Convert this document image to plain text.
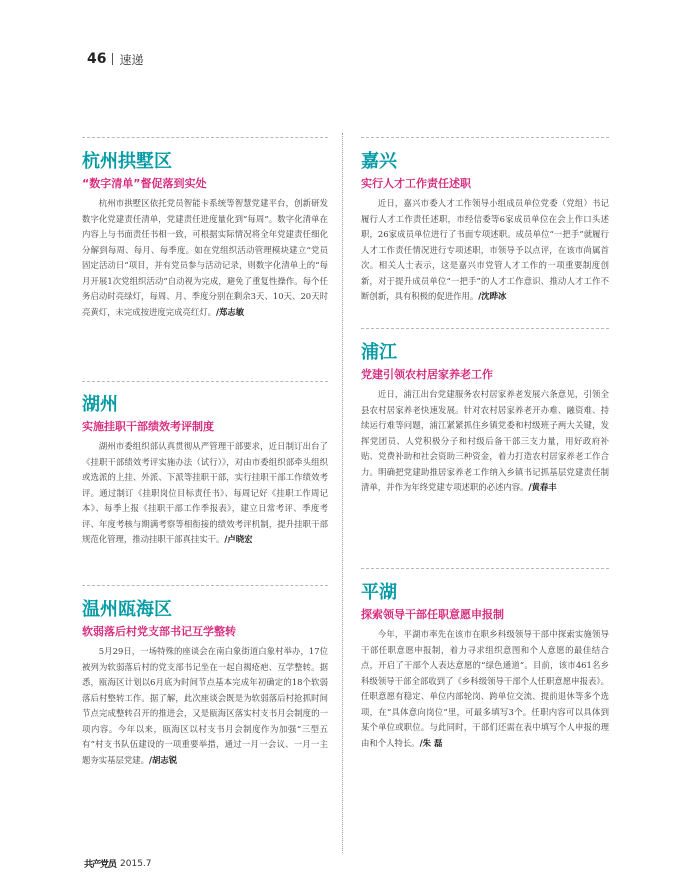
46 速递
杭州拱墅区
“数字清单”督促落到实处

杭州市拱墅区依托党员智能卡系统等智慧党建平台，创新研发数字化党建责任清单，党建责任进度量化到“每周”。数字化清单在内容上与书面责任书相一致，可根据实际情况将全年党建责任细化分解到每周、每月、每季度。如在党组织活动管理模块建立“党员固定活动日”项目，并有党员参与活动记录，则数字化清单上的“每月开展1次党组织活动”自动视为完成，避免了重复性操作。每个任务启动时亮绿灯，每周、月、季度分别在剩余3天、10天、20天时亮黄灯，未完成按进度完成亮红灯。/郑志敏

湖州
实施挂职干部绩效考评制度

湖州市委组织部认真贯彻从严管理干部要求，近日制订出台了《挂职干部绩效考评实施办法（试行）》，对由市委组织部牵头组织或选派的上挂、外派、下派等挂职干部，实行挂职干部工作绩效考评。通过制订《挂职岗位目标责任书》、每周记好《挂职工作周记本》、每季上报《挂职干部工作季报表》，建立日常考评、季度考评、年度考核与期满考察等相衔接的绩效考评机制，提升挂职干部规范化管理，推动挂职干部真挂实干。/卢晓宏

温州瓯海区
软弱落后村党支部书记互学整转

5月29日，一场特殊的座谈会在南白象街道白象村举办，17位被列为软弱落后村的党支部书记坐在一起自揭疮疤、互学整转。据悉，瓯海区计划以6月底为时间节点基本完成年初确定的18个软弱落后村整转工作。据了解，此次座谈会既是为软弱落后村抢抓时间节点完成整转召开的推进会，又是瓯海区落实村支书月会制度的一项内容。今年以来，瓯海区以村支书月会制度作为加强“三型五有”村支书队伍建设的一项重要举措，通过一月一会议、一月一主题夯实基层党建。/胡志锐

嘉兴
实行人才工作责任述职

近日，嘉兴市委人才工作领导小组成员单位党委（党组）书记履行人才工作责任述职，市经信委等6家成员单位在会上作口头述职，26家成员单位进行了书面专项述职。成员单位“一把手”就履行人才工作责任情况进行专项述职，市领导予以点评，在该市尚属首次。相关人士表示，这是嘉兴市党管人才工作的一项重要制度创新，对于提升成员单位“一把手”的人才工作意识、推动人才工作不断创新，具有积极的促进作用。/沈晔冰

浦江
党建引领农村居家养老工作

近日，浦江出台党建服务农村居家养老发展六条意见，引领全县农村居家养老快速发展。针对农村居家养老开办难、融资难、持续运行难等问题，浦江紧紧抓住乡镇党委和村级班子两大关键，发挥党团员、人党积极分子和村级后备干部三支力量，用好政府补贴、党费补助和社会资助三种资金，着力打造农村居家养老工作合力。明确把党建助推居家养老工作纳入乡镇书记抓基层党建责任制清单，并作为年终党建专项述职的必述内容。/黄春丰

平湖
探索领导干部任职意愿申报制

今年，平湖市率先在该市在职乡科级领导干部中探索实施领导干部任职意愿申报制，着力寻求组织意图和个人意愿的最佳结合点，开启了干部个人表达意愿的“绿色通道”。目前，该市461名乡科级领导干部全部收到了《乡科级领导干部个人任职意愿申报表》。任职意愿有稳定、单位内部轮岗、跨单位交流、提前退休等多个选项，在“具体意向岗位”里，可最多填写3个。任职内容可以具体到某个单位或职位。与此同时，干部们还需在表中填写个人申报的理由和个人特长。/朱 磊

共产党员 2015.7
